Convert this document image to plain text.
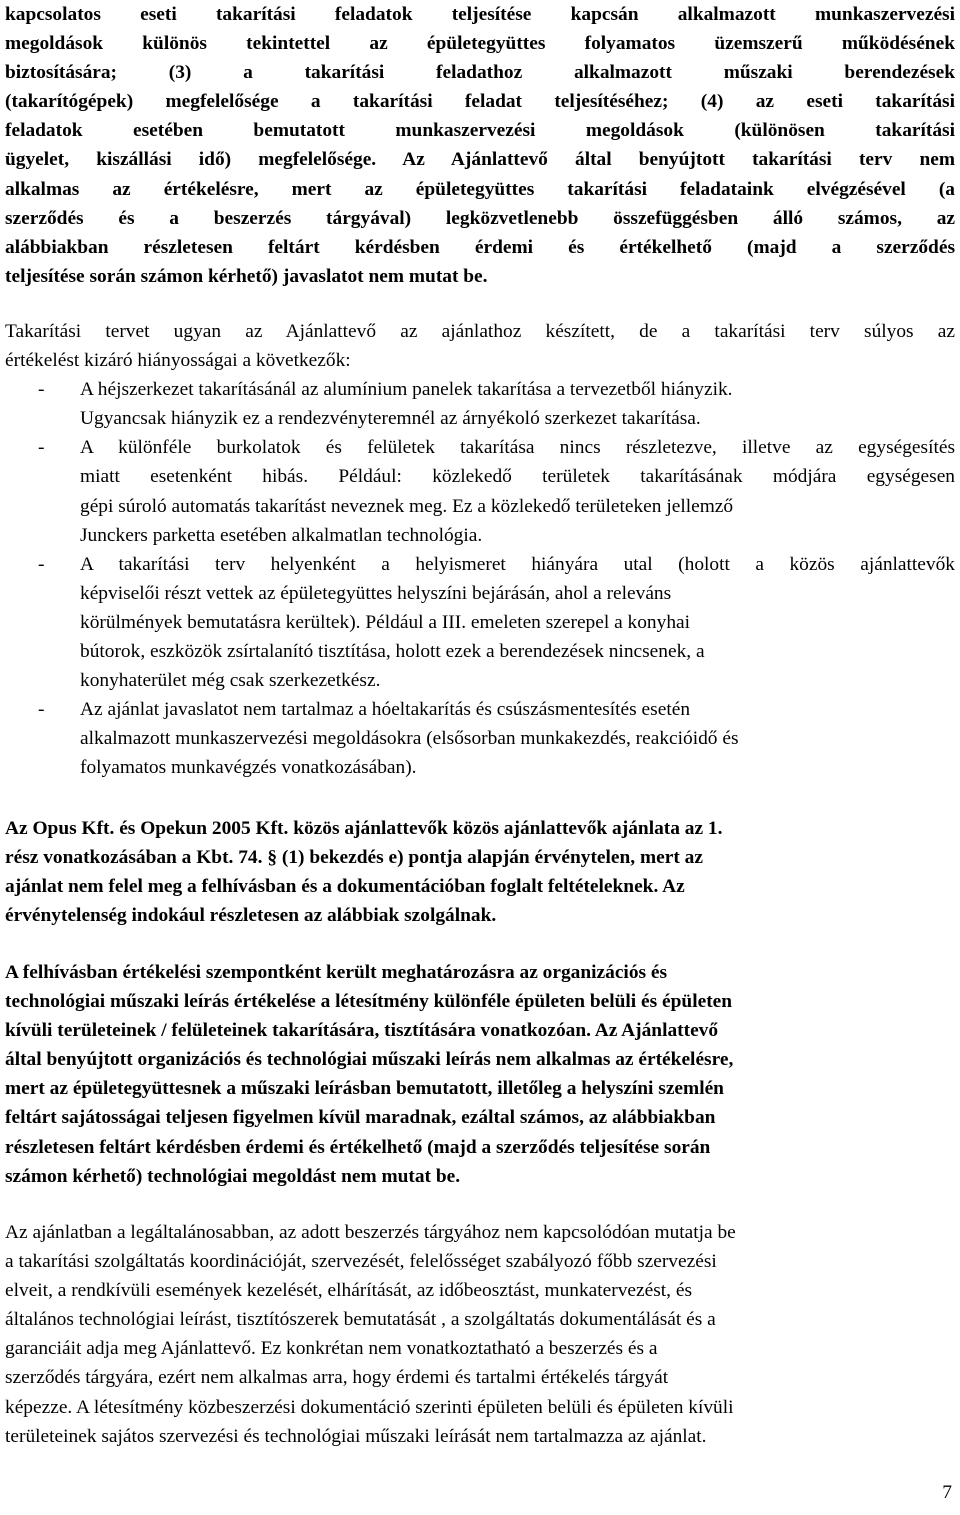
kapcsolatos eseti takarítási feladatok teljesítése kapcsán alkalmazott munkaszervezési
megoldások különös tekintettel az épületegyüttes folyamatos üzemszerű működésének
biztosítására; (3) a takarítási feladathoz alkalmazott műszaki berendezések
(takarítógépek) megfelelősége a takarítási feladat teljesítéséhez; (4) az eseti takarítási
feladatok esetében bemutatott munkaszervezési megoldások (különösen takarítási
ügyelet, kiszállási idő) megfelelősége. Az Ajánlattevő által benyújtott takarítási terv nem
alkalmas az értékelésre, mert az épületegyüttes takarítási feladataink elvégzésével (a
szerződés és a beszerzés tárgyával) legközvetlenebb összefüggésben álló számos, az
alábbiakban részletesen feltárt kérdésben érdemi és értékelhető (majd a szerződés
teljesítése során számon kérhető) javaslatot nem mutat be.
Takarítási tervet ugyan az Ajánlattevő az ajánlathoz készített, de a takarítási terv súlyos az
értékelést kizáró hiányosságai a következők:
- A héjszerkezet takarításánál az alumínium panelek takarítása a tervezetből hiányzik.
Ugyancsak hiányzik ez a rendezvényteremnél az árnyékoló szerkezet takarítása.
- A különféle burkolatok és felületek takarítása nincs részletezve, illetve az egységesítés
miatt esetenként hibás. Például: közlekedő területek takarításának módjára egységesen
gépi súroló automatás takarítást neveznek meg. Ez a közlekedő területeken jellemző
Junckers parketta esetében alkalmatlan technológia.
- A takarítási terv helyenként a helyismeret hiányára utal (holott a közös ajánlattevők
képviselői részt vettek az épületegyüttes helyszíni bejárásán, ahol a releváns
körülmények bemutatásra kerültek). Például a III. emeleten szerepel a konyhai
bútorok, eszközök zsírtalanító tisztítása, holott ezek a berendezések nincsenek, a
konyhaterület még csak szerkezetkész.
- Az ajánlat javaslatot nem tartalmaz a hóeltakarítás és csúszásmentesítés esetén
alkalmazott munkaszervezési megoldásokra (elsősorban munkakezdés, reakcióidő és
folyamatos munkavégzés vonatkozásában).
Az Opus Kft. és Opekun 2005 Kft. közös ajánlattevők közös ajánlattevők ajánlata az 1.
rész vonatkozásában a Kbt. 74. § (1) bekezdés e) pontja alapján érvénytelen, mert az
ajánlat nem felel meg a felhívásban és a dokumentációban foglalt feltételeknek. Az
érvénytelenség indokául részletesen az alábbiak szolgálnak.
A felhívásban értékelési szempontként került meghatározásra az organizációs és
technológiai műszaki leírás értékelése a létesítmény különféle épületen belüli és épületen
kívüli területeinek / felületeinek takarítására, tisztítására vonatkozóan. Az Ajánlattevő
által benyújtott organizációs és technológiai műszaki leírás nem alkalmas az értékelésre,
mert az épületegyüttesnek a műszaki leírásban bemutatott, illetőleg a helyszíni szemlén
feltárt sajátosságai teljesen figyelmen kívül maradnak, ezáltal számos, az alábbiakban
részletesen feltárt kérdésben érdemi és értékelhető (majd a szerződés teljesítése során
számon kérhető) technológiai megoldást nem mutat be.
Az ajánlatban a legáltalánosabban, az adott beszerzés tárgyához nem kapcsolódóan mutatja be
a takarítási szolgáltatás koordinációját, szervezését, felelősséget szabályozó főbb szervezési
elveit, a rendkívüli események kezelését, elhárítását, az időbeosztást, munkatervezést, és
általános technológiai leírást, tisztítószerek bemutatását , a szolgáltatás dokumentálását és a
garanciáit adja meg Ajánlattevő. Ez konkrétan nem vonatkoztatható a beszerzés és a
szerződés tárgyára, ezért nem alkalmas arra, hogy érdemi és tartalmi értékelés tárgyát
képezze. A létesítmény közbeszerzési dokumentáció szerinti épületen belüli és épületen kívüli
területeinek sajátos szervezési és technológiai műszaki leírását nem tartalmazza az ajánlat.
7
